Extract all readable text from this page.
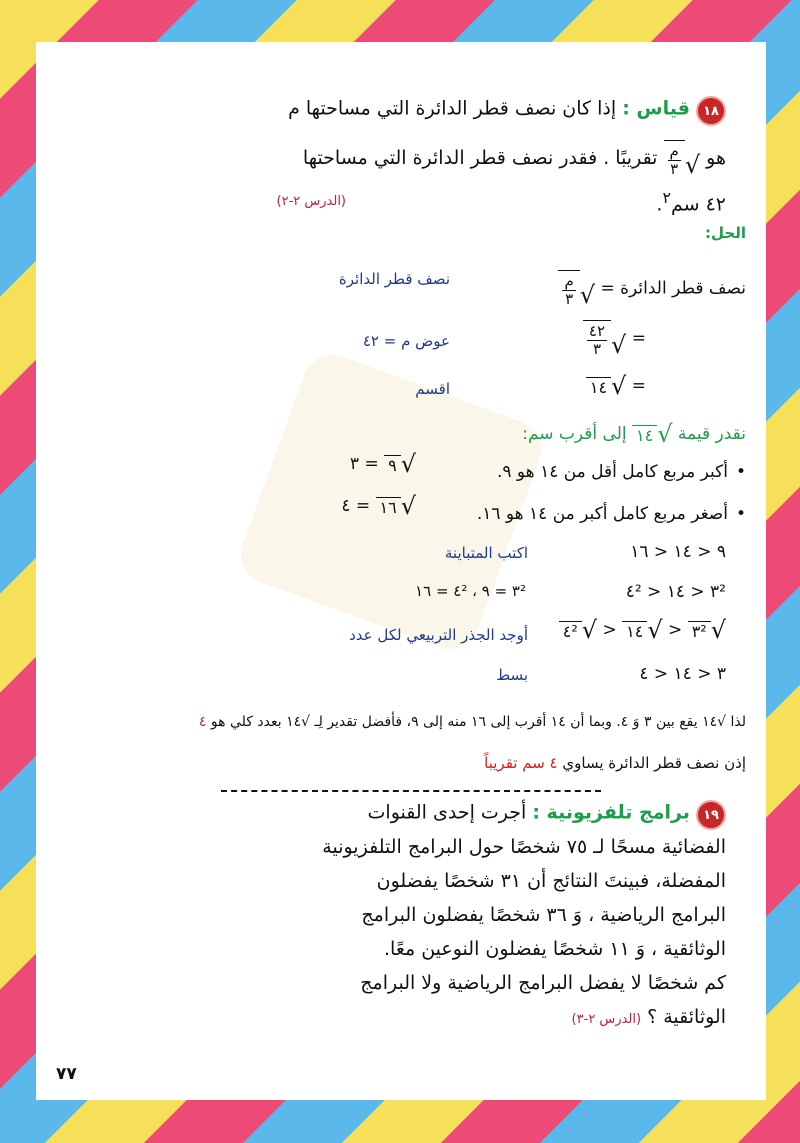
١٨ قياس : إذا كان نصف قطر الدائرة التي مساحتها م
هو
√
$\frac{\text{م}}{٣}$
تقريبًا . فقدر نصف قطر الدائرة التي مساحتها
٤٢ سم$^٢$.
(الدرس ٢-٢)
الحل:
نصف قطر الدائرة =
√
$\frac{\text{م}}{٣}$
نصف قطر الدائرة
=
√
$\frac{٤٢}{٣}$
عوض م = ٤٢
=
√
١٤
اقسم
نقدر قيمة
√
١٤
إلى أقرب سم:
• أكبر مربع كامل أقل من ١٤ هو ٩.
√
٩
= ٣
• أصغر مربع كامل أكبر من ١٤ هو ١٦.
√
١٦
= ٤
٩ < ١٤ < ١٦
اكتب المتباينة
٣² < ١٤ < ٤²
٣² = ٩ ، ٤² = ١٦
√
٣²
<
√
١٤
<
√
٤²
أوجد الجذر التربيعي لكل عدد
٣ < ١٤ < ٤
بسط
لذا √١٤ يقع بين ٣ وَ ٤. وبما أن ١٤ أقرب إلى ١٦ منه إلى ٩، فأفضل تقدير لِـ √١٤ بعدد كلي هو ٤
إذن نصف قطر الدائرة يساوي ٤ سم تقريباً
١٩ برامج تلفزيونية : أجرت إحدى القنوات
الفضائية مسحًا لـ ٧٥ شخصًا حول البرامج التلفزيونية
المفضلة، فبينتَ النتائج أن ٣١ شخصًا يفضلون
البرامج الرياضية ، وَ ٣٦ شخصًا يفضلون البرامج
الوثائقية ، وَ ١١ شخصًا يفضلون النوعين معًا.
كم شخصًا لا يفضل البرامج الرياضية ولا البرامج
الوثائقية ؟ (الدرس ٢-٣)
٧٧
